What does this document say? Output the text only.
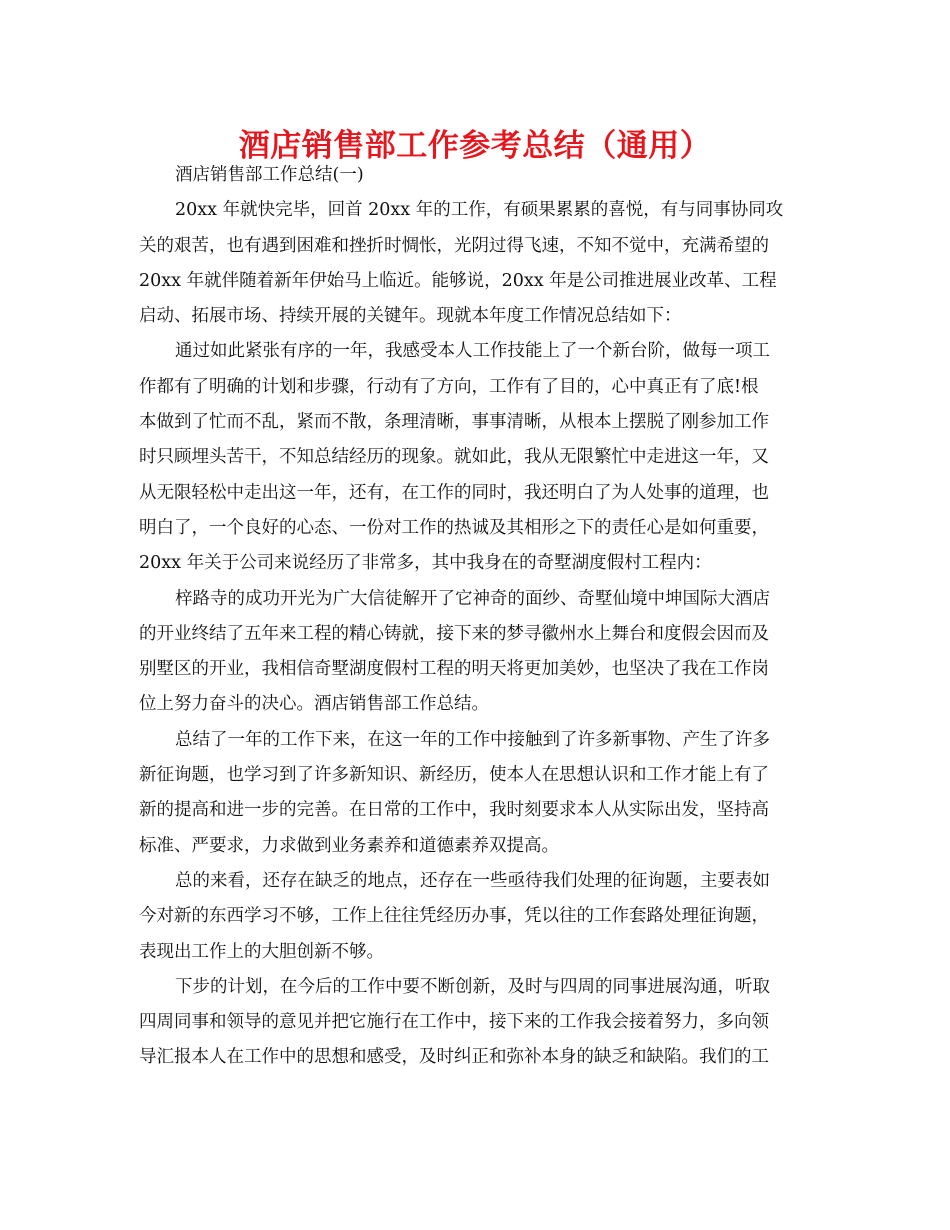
酒店销售部工作参考总结（通用）
酒店销售部工作总结(一)
20xx 年就快完毕，回首 20xx 年的工作，有硕果累累的喜悦，有与同事协同攻
关的艰苦，也有遇到困难和挫折时惆怅，光阴过得飞速，不知不觉中，充满希望的
20xx 年就伴随着新年伊始马上临近。能够说，20xx 年是公司推进展业改革、工程
启动、拓展市场、持续开展的关键年。现就本年度工作情况总结如下：
通过如此紧张有序的一年，我感受本人工作技能上了一个新台阶，做每一项工
作都有了明确的计划和步骤，行动有了方向，工作有了目的，心中真正有了底!根
本做到了忙而不乱，紧而不散，条理清晰，事事清晰，从根本上摆脱了刚参加工作
时只顾埋头苦干，不知总结经历的现象。就如此，我从无限繁忙中走进这一年，又
从无限轻松中走出这一年，还有，在工作的同时，我还明白了为人处事的道理，也
明白了，一个良好的心态、一份对工作的热诚及其相形之下的责任心是如何重要，
20xx 年关于公司来说经历了非常多，其中我身在的奇墅湖度假村工程内：
梓路寺的成功开光为广大信徒解开了它神奇的面纱、奇墅仙境中坤国际大酒店
的开业终结了五年来工程的精心铸就，接下来的梦寻徽州水上舞台和度假会因而及
别墅区的开业，我相信奇墅湖度假村工程的明天将更加美妙，也坚决了我在工作岗
位上努力奋斗的决心。酒店销售部工作总结。
总结了一年的工作下来，在这一年的工作中接触到了许多新事物、产生了许多
新征询题，也学习到了许多新知识、新经历，使本人在思想认识和工作才能上有了
新的提高和进一步的完善。在日常的工作中，我时刻要求本人从实际出发，坚持高
标准、严要求，力求做到业务素养和道德素养双提高。
总的来看，还存在缺乏的地点，还存在一些亟待我们处理的征询题，主要表如
今对新的东西学习不够，工作上往往凭经历办事，凭以往的工作套路处理征询题，
表现出工作上的大胆创新不够。
下步的计划，在今后的工作中要不断创新，及时与四周的同事进展沟通，听取
四周同事和领导的意见并把它施行在工作中，接下来的工作我会接着努力，多向领
导汇报本人在工作中的思想和感受，及时纠正和弥补本身的缺乏和缺陷。我们的工
